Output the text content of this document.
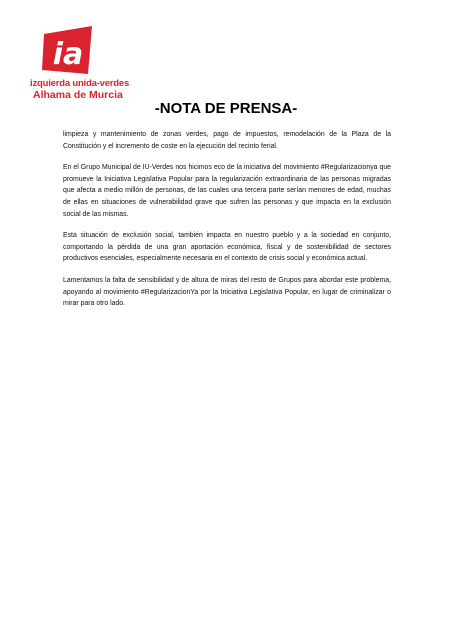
ia
izquierda unida-verdes
Alhama de Murcia
-NOTA DE PRENSA-

limpieza y mantenimiento de zonas verdes, pago de impuestos, remodelación de la Plaza de la Constitución y el incremento de coste en la ejecución del recinto ferial.

En el Grupo Municipal de IU-Verdes nos hicimos eco de la iniciativa del movimiento #Regularizacionya que promueve la Iniciativa Legislativa Popular para la regularización extraordinaria de las personas migradas que afecta a medio millón de personas, de las cuales una tercera parte serían menores de edad, muchas de ellas en situaciones de vulnerabilidad grave que sufren las personas y que impacta en la exclusión social de las mismas.

Esta situación de exclusión social, también impacta en nuestro pueblo y a la sociedad en conjunto, comportando la pérdida de una gran aportación económica, fiscal y de sostenibilidad de sectores productivos esenciales, especialmente necesaria en el contexto de crisis social y económica actual.

Lamentamos la falta de sensibilidad y de altura de miras del resto de Grupos para abordar este problema, apoyando al movimiento #RegularizacionYa por la Iniciativa Legislativa Popular, en lugar de criminalizar o mirar para otro lado.
